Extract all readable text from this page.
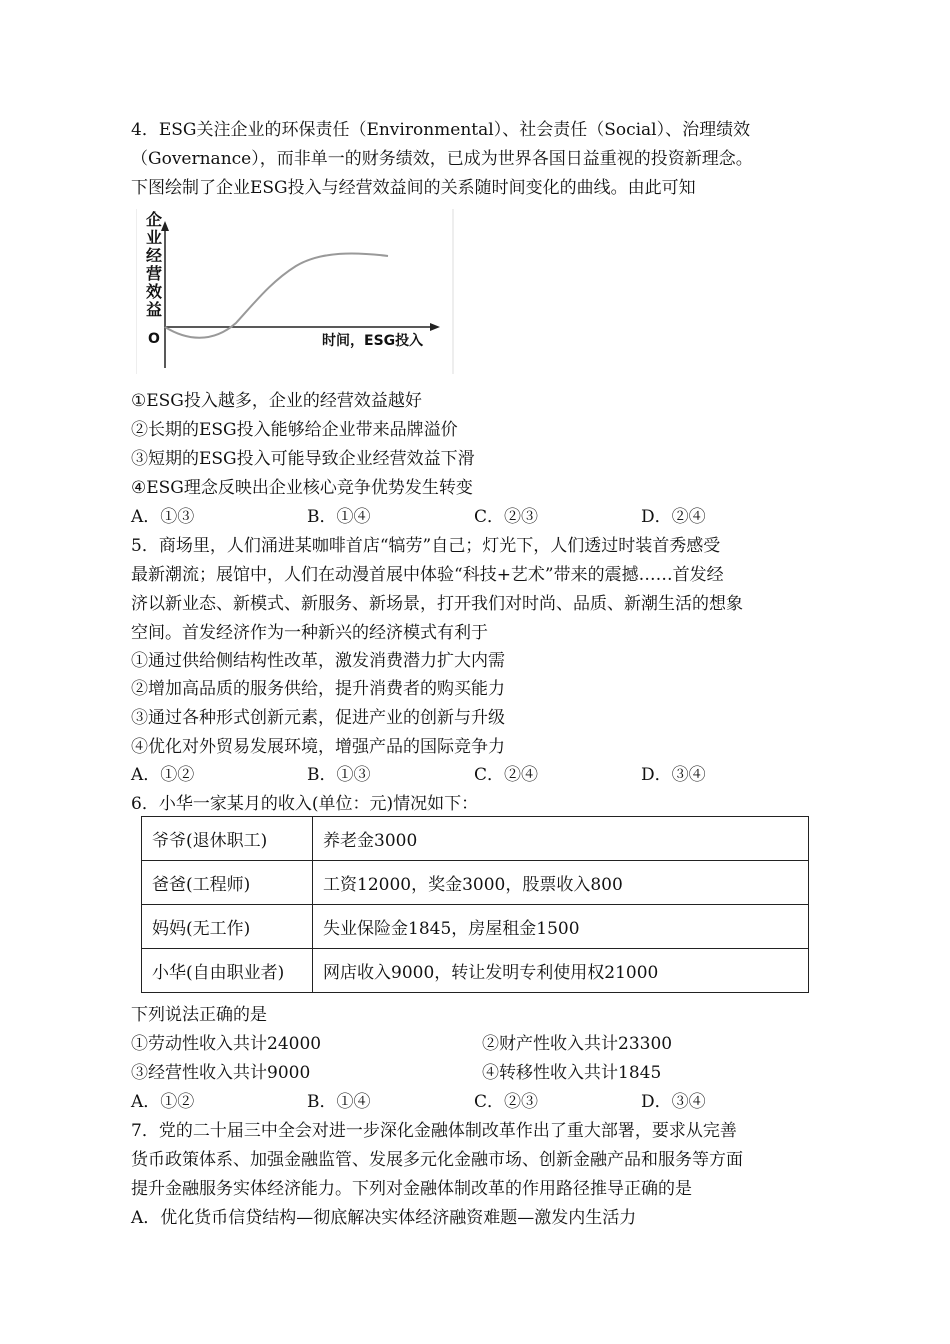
4．ESG关注企业的环保责任（Environmental）、社会责任（Social）、治理绩效
（Governance），而非单一的财务绩效，已成为世界各国日益重视的投资新理念。
下图绘制了企业ESG投入与经营效益间的关系随时间变化的曲线。由此可知
企
业
经
营
效
益
O	时间，ESG投入
①ESG投入越多，企业的经营效益越好
②长期的ESG投入能够给企业带来品牌溢价
③短期的ESG投入可能导致企业经营效益下滑
④ESG理念反映出企业核心竞争优势发生转变
A．①③	B．①④	C．②③	D．②④
5．商场里，人们涌进某咖啡首店“犒劳”自己；灯光下，人们透过时装首秀感受
最新潮流；展馆中，人们在动漫首展中体验“科技+艺术”带来的震撼……首发经
济以新业态、新模式、新服务、新场景，打开我们对时尚、品质、新潮生活的想象
空间。首发经济作为一种新兴的经济模式有利于
①通过供给侧结构性改革，激发消费潜力扩大内需
②增加高品质的服务供给，提升消费者的购买能力
③通过各种形式创新元素，促进产业的创新与升级
④优化对外贸易发展环境，增强产品的国际竞争力
A．①②	B．①③	C．②④	D．③④
6．小华一家某月的收入(单位：元)情况如下：
爷爷(退休职工)	养老金3000
爸爸(工程师)	工资12000，奖金3000，股票收入800
妈妈(无工作)	失业保险金1845，房屋租金1500
小华(自由职业者)	网店收入9000，转让发明专利使用权21000
下列说法正确的是
①劳动性收入共计24000	②财产性收入共计23300
③经营性收入共计9000	④转移性收入共计1845
A．①②	B．①④	C．②③	D．③④
7．党的二十届三中全会对进一步深化金融体制改革作出了重大部署，要求从完善
货币政策体系、加强金融监管、发展多元化金融市场、创新金融产品和服务等方面
提升金融服务实体经济能力。下列对金融体制改革的作用路径推导正确的是
A．优化货币信贷结构—彻底解决实体经济融资难题—激发内生活力
